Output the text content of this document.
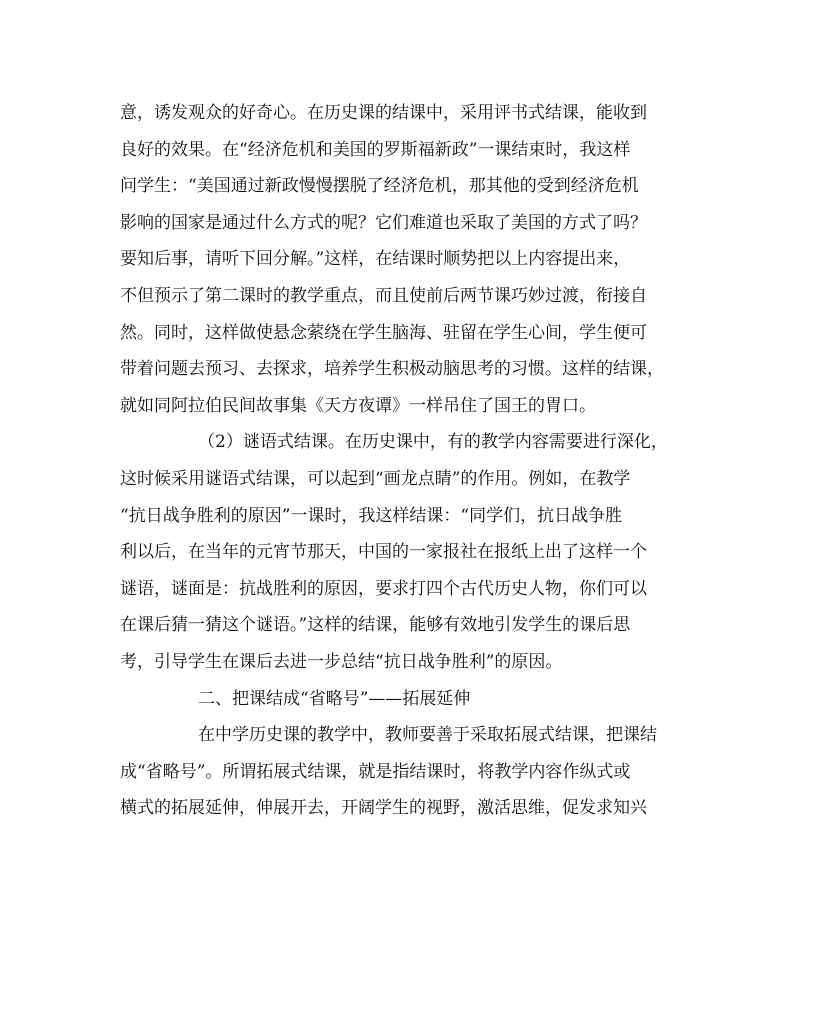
意，诱发观众的好奇心。在历史课的结课中，采用评书式结课，能收到
良好的效果。在“经济危机和美国的罗斯福新政”一课结束时，我这样
问学生：“美国通过新政慢慢摆脱了经济危机，那其他的受到经济危机
影响的国家是通过什么方式的呢？它们难道也采取了美国的方式了吗？
要知后事，请听下回分解。”这样，在结课时顺势把以上内容提出来，
不但预示了第二课时的教学重点，而且使前后两节课巧妙过渡，衔接自
然。同时，这样做使悬念萦绕在学生脑海、驻留在学生心间，学生便可
带着问题去预习、去探求，培养学生积极动脑思考的习惯。这样的结课，
就如同阿拉伯民间故事集《天方夜谭》一样吊住了国王的胃口。
（2）谜语式结课。在历史课中，有的教学内容需要进行深化，
这时候采用谜语式结课，可以起到“画龙点睛”的作用。例如，在教学
“抗日战争胜利的原因”一课时，我这样结课：“同学们，抗日战争胜
利以后，在当年的元宵节那天，中国的一家报社在报纸上出了这样一个
谜语，谜面是：抗战胜利的原因，要求打四个古代历史人物，你们可以
在课后猜一猜这个谜语。”这样的结课，能够有效地引发学生的课后思
考，引导学生在课后去进一步总结“抗日战争胜利”的原因。
二、把课结成“省略号”——拓展延伸
在中学历史课的教学中，教师要善于采取拓展式结课，把课结
成“省略号”。所谓拓展式结课，就是指结课时，将教学内容作纵式或
横式的拓展延伸，伸展开去，开阔学生的视野，激活思维，促发求知兴
